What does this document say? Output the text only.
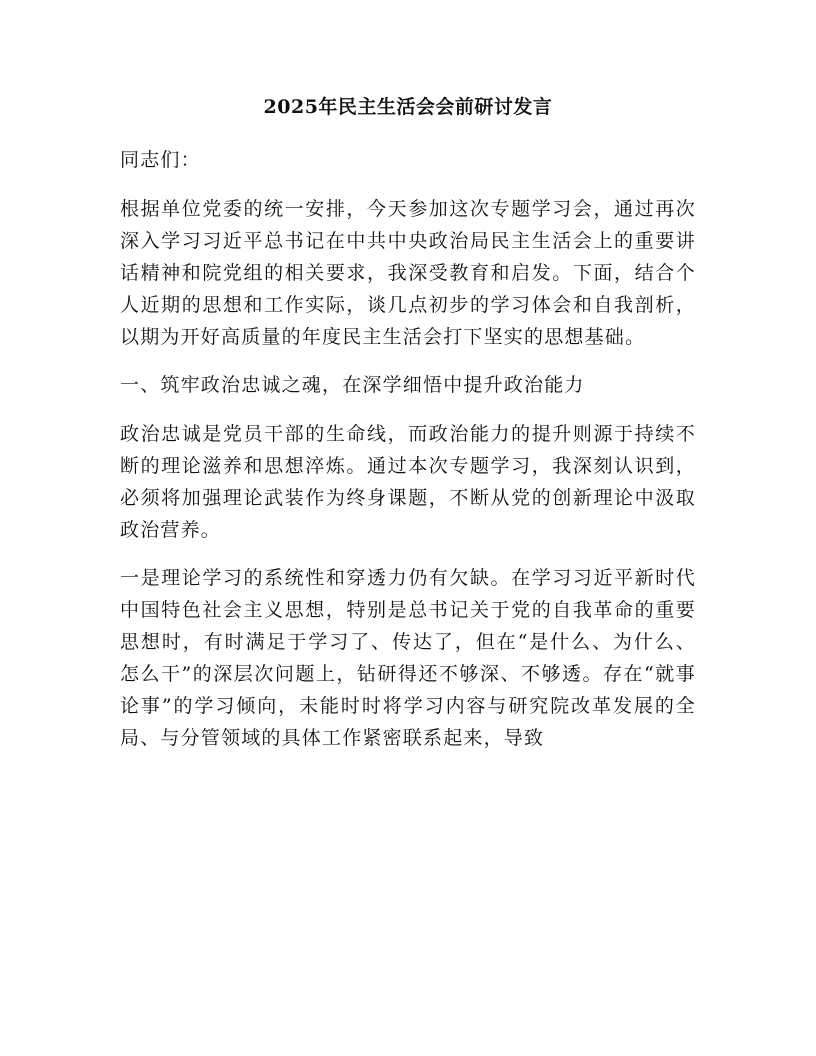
2025年民主生活会会前研讨发言

同志们：

根据单位党委的统一安排，今天参加这次专题学习会，通过再次深入学习习近平总书记在中共中央政治局民主生活会上的重要讲话精神和院党组的相关要求，我深受教育和启发。下面，结合个人近期的思想和工作实际，谈几点初步的学习体会和自我剖析，以期为开好高质量的年度民主生活会打下坚实的思想基础。

一、筑牢政治忠诚之魂，在深学细悟中提升政治能力

政治忠诚是党员干部的生命线，而政治能力的提升则源于持续不断的理论滋养和思想淬炼。通过本次专题学习，我深刻认识到，必须将加强理论武装作为终身课题，不断从党的创新理论中汲取政治营养。

一是理论学习的系统性和穿透力仍有欠缺。在学习习近平新时代中国特色社会主义思想，特别是总书记关于党的自我革命的重要思想时，有时满足于学习了、传达了，但在“是什么、为什么、怎么干”的深层次问题上，钻研得还不够深、不够透。存在“就事论事”的学习倾向，未能时时将学习内容与研究院改革发展的全局、与分管领域的具体工作紧密联系起来，导致
